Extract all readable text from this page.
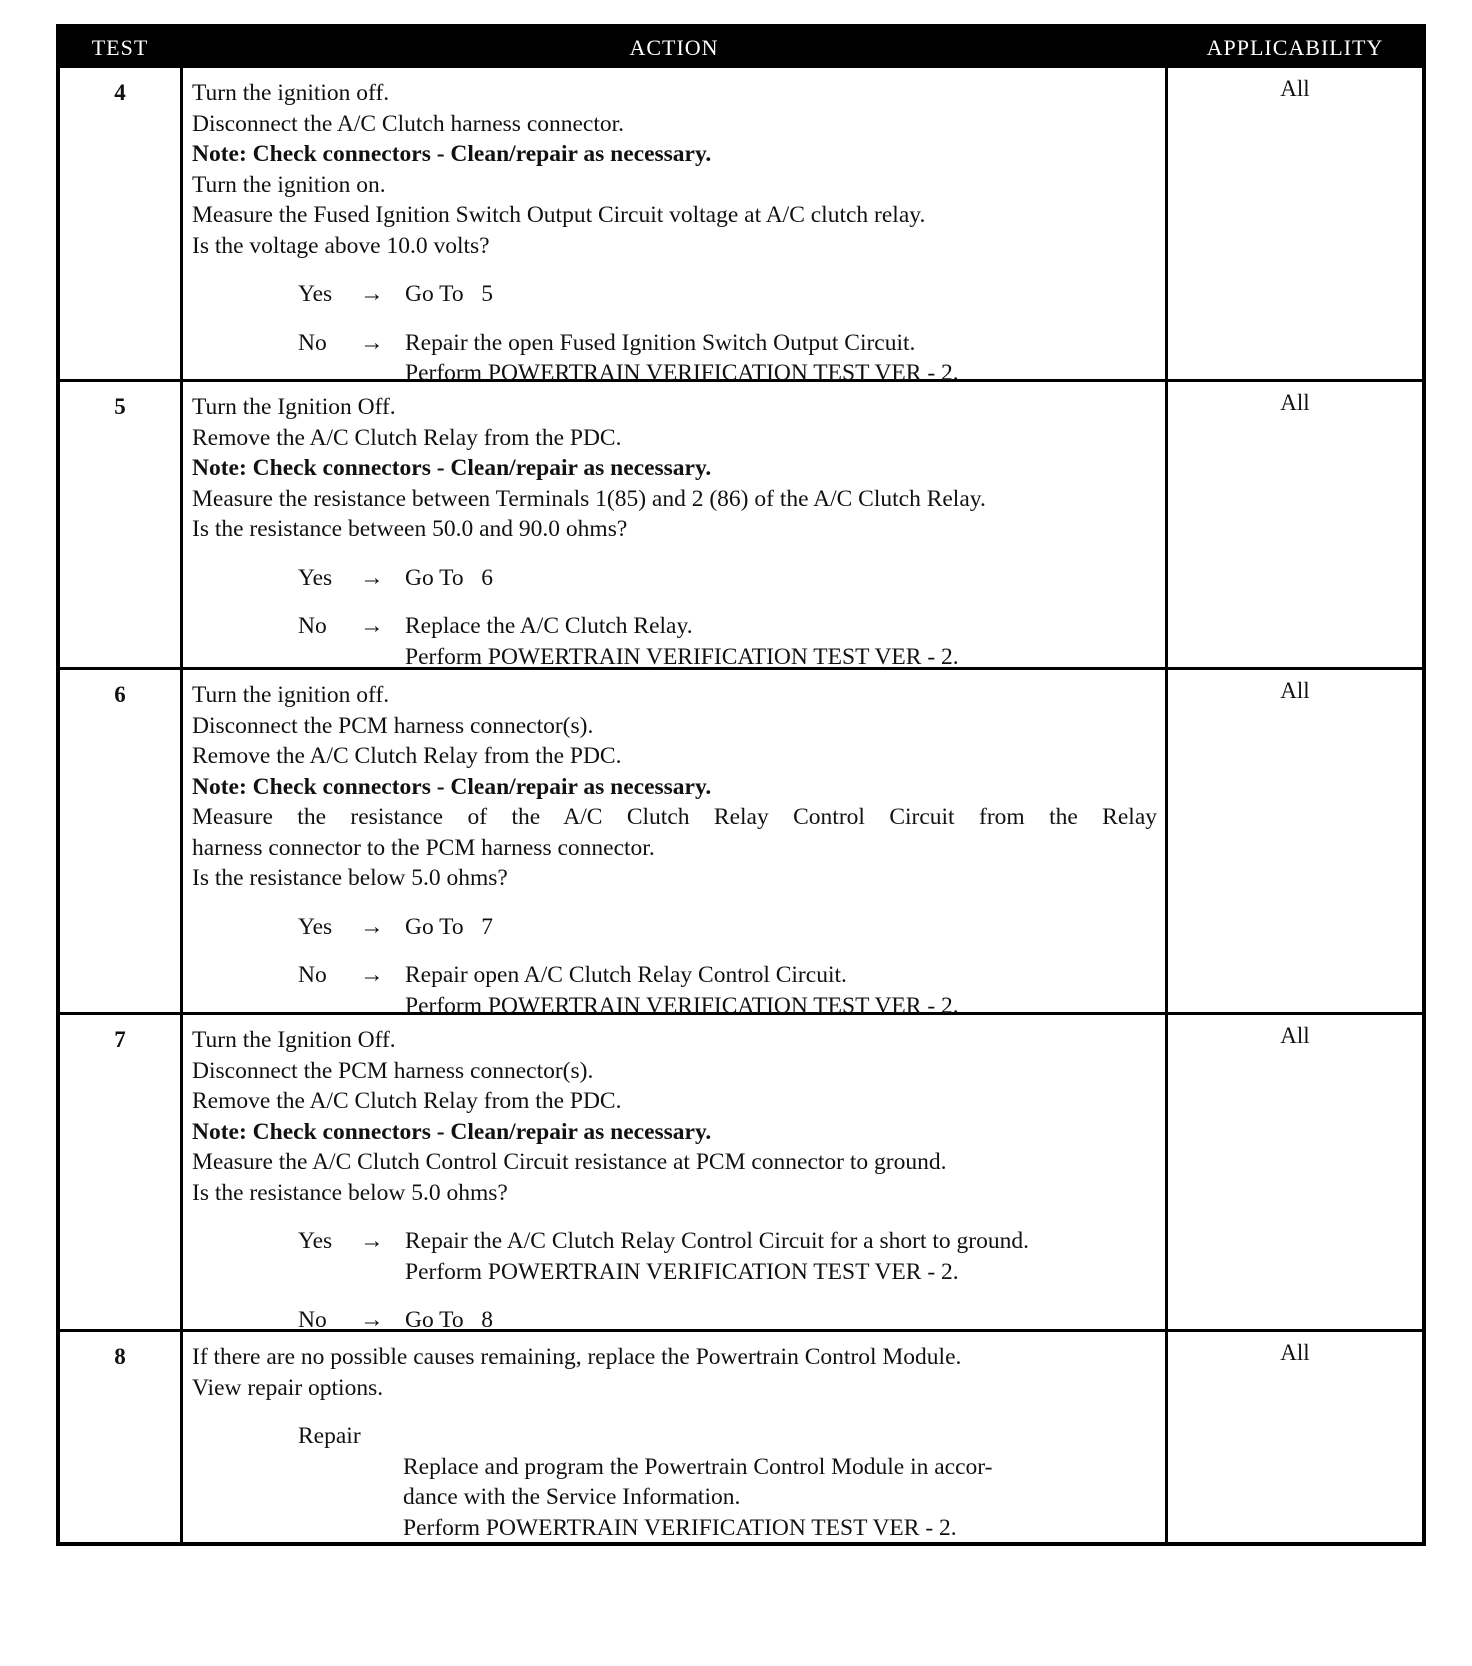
TEST	ACTION	APPLICABILITY
4	Turn the ignition off.
Disconnect the A/C Clutch harness connector.
Note: Check connectors - Clean/repair as necessary.
Turn the ignition on.
Measure the Fused Ignition Switch Output Circuit voltage at A/C clutch relay.
Is the voltage above 10.0 volts?
Yes	→ Go To   5
No	→ Repair the open Fused Ignition Switch Output Circuit.
Perform POWERTRAIN VERIFICATION TEST VER - 2.
All
5	Turn the Ignition Off.
Remove the A/C Clutch Relay from the PDC.
Note: Check connectors - Clean/repair as necessary.
Measure the resistance between Terminals 1(85) and 2 (86) of the A/C Clutch Relay.
Is the resistance between 50.0 and 90.0 ohms?
Yes	→ Go To   6
No	→ Replace the A/C Clutch Relay.
Perform POWERTRAIN VERIFICATION TEST VER - 2.
All
6	Turn the ignition off.
Disconnect the PCM harness connector(s).
Remove the A/C Clutch Relay from the PDC.
Note: Check connectors - Clean/repair as necessary.
Measure the resistance of the A/C Clutch Relay Control Circuit from the Relay
harness connector to the PCM harness connector.
Is the resistance below 5.0 ohms?
Yes	→ Go To   7
No	→ Repair open A/C Clutch Relay Control Circuit.
Perform POWERTRAIN VERIFICATION TEST VER - 2.
All
7	Turn the Ignition Off.
Disconnect the PCM harness connector(s).
Remove the A/C Clutch Relay from the PDC.
Note: Check connectors - Clean/repair as necessary.
Measure the A/C Clutch Control Circuit resistance at PCM connector to ground.
Is the resistance below 5.0 ohms?
Yes	→ Repair the A/C Clutch Relay Control Circuit for a short to ground.
Perform POWERTRAIN VERIFICATION TEST VER - 2.
No	→ Go To   8
All
8	If there are no possible causes remaining, replace the Powertrain Control Module.
View repair options.
Repair
Replace and program the Powertrain Control Module in accor-
dance with the Service Information.
Perform POWERTRAIN VERIFICATION TEST VER - 2.
All
